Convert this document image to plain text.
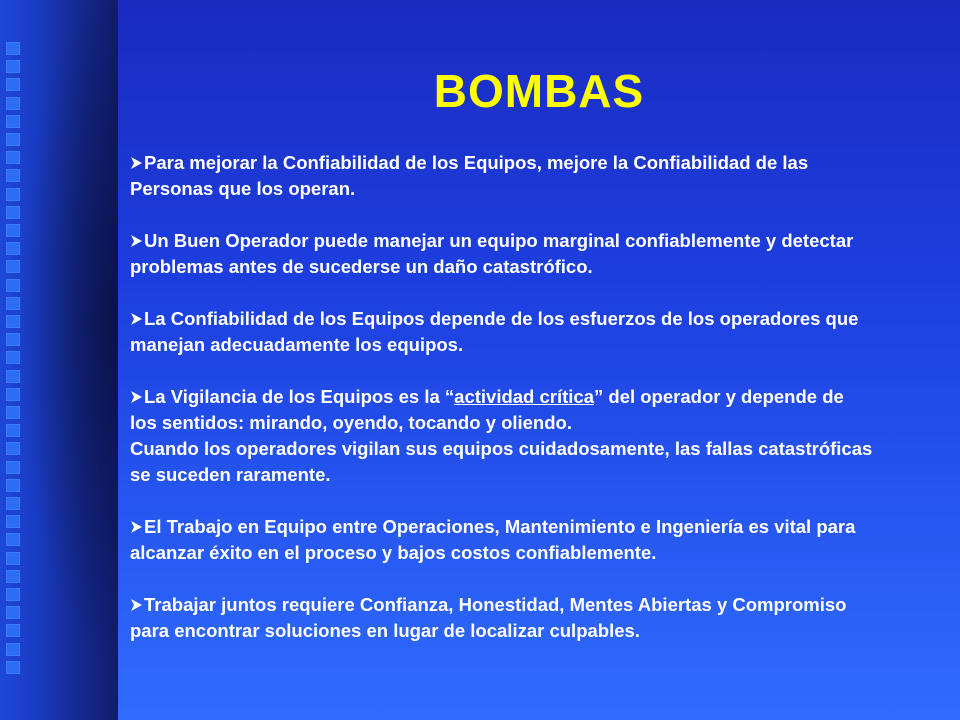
BOMBAS

Para mejorar la Confiabilidad de los Equipos, mejore la Confiabilidad de las Personas que los operan.

Un Buen Operador puede manejar un equipo marginal confiablemente y detectar problemas antes de sucederse un daño catastrófico.

La Confiabilidad de los Equipos depende de los esfuerzos de los operadores que manejan adecuadamente los equipos.

La Vigilancia de los Equipos es la “actividad crítica” del operador y depende de los sentidos: mirando, oyendo, tocando y oliendo.
Cuando los operadores vigilan sus equipos cuidadosamente, las fallas catastróficas se suceden raramente.

El Trabajo en Equipo entre Operaciones, Mantenimiento e Ingeniería es vital para alcanzar éxito en el proceso y bajos costos confiablemente.

Trabajar juntos requiere Confianza, Honestidad, Mentes Abiertas y Compromiso para encontrar soluciones en lugar de localizar culpables.
